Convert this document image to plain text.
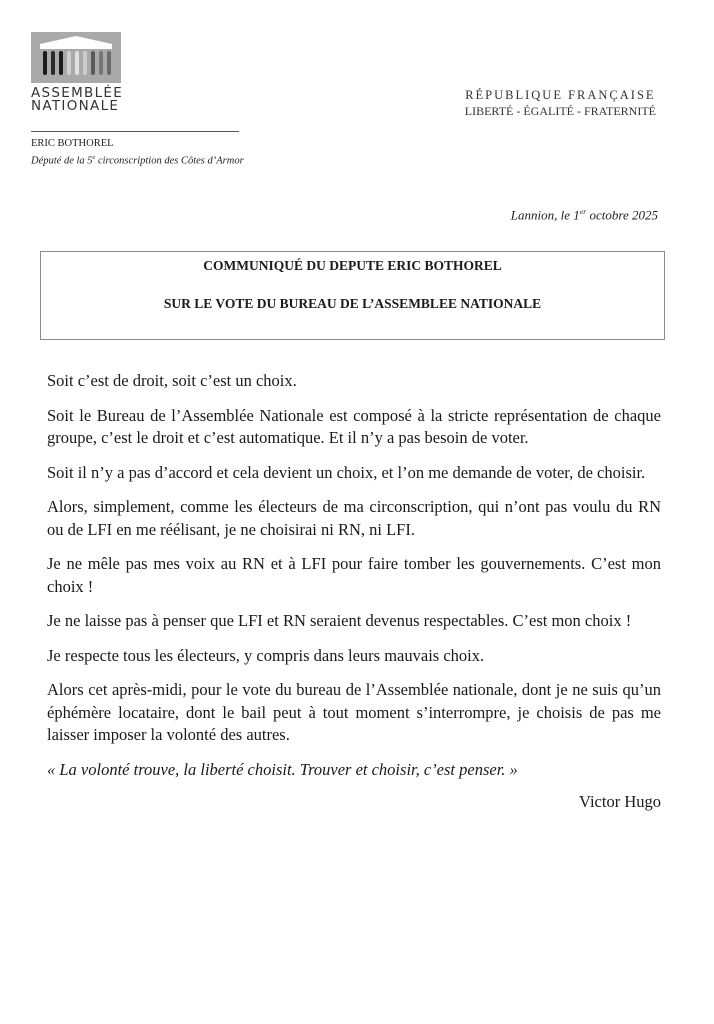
ASSEMBLÉE
NATIONALE
RÉPUBLIQUE FRANÇAISE
LIBERTÉ - ÉGALITÉ - FRATERNITÉ
ERIC BOTHOREL
Député de la 5e circonscription des Côtes d’Armor
Lannion, le 1er octobre 2025
COMMUNIQUÉ DU DEPUTE ERIC BOTHOREL
SUR LE VOTE DU BUREAU DE L’ASSEMBLEE NATIONALE

Soit c’est de droit, soit c’est un choix.

Soit le Bureau de l’Assemblée Nationale est composé à la stricte représentation de chaque groupe, c’est le droit et c’est automatique. Et il n’y a pas besoin de voter.

Soit il n’y a pas d’accord et cela devient un choix, et l’on me demande de voter, de choisir.

Alors, simplement, comme les électeurs de ma circonscription, qui n’ont pas voulu du RN ou de LFI en me réélisant, je ne choisirai ni RN, ni LFI.

Je ne mêle pas mes voix au RN et à LFI pour faire tomber les gouvernements. C’est mon choix !

Je ne laisse pas à penser que LFI et RN seraient devenus respectables. C’est mon choix !

Je respecte tous les électeurs, y compris dans leurs mauvais choix.

Alors cet après-midi, pour le vote du bureau de l’Assemblée nationale, dont je ne suis qu’un éphémère locataire, dont le bail peut à tout moment s’interrompre, je choisis de pas me laisser imposer la volonté des autres.

« La volonté trouve, la liberté choisit. Trouver et choisir, c’est penser. »

Victor Hugo
